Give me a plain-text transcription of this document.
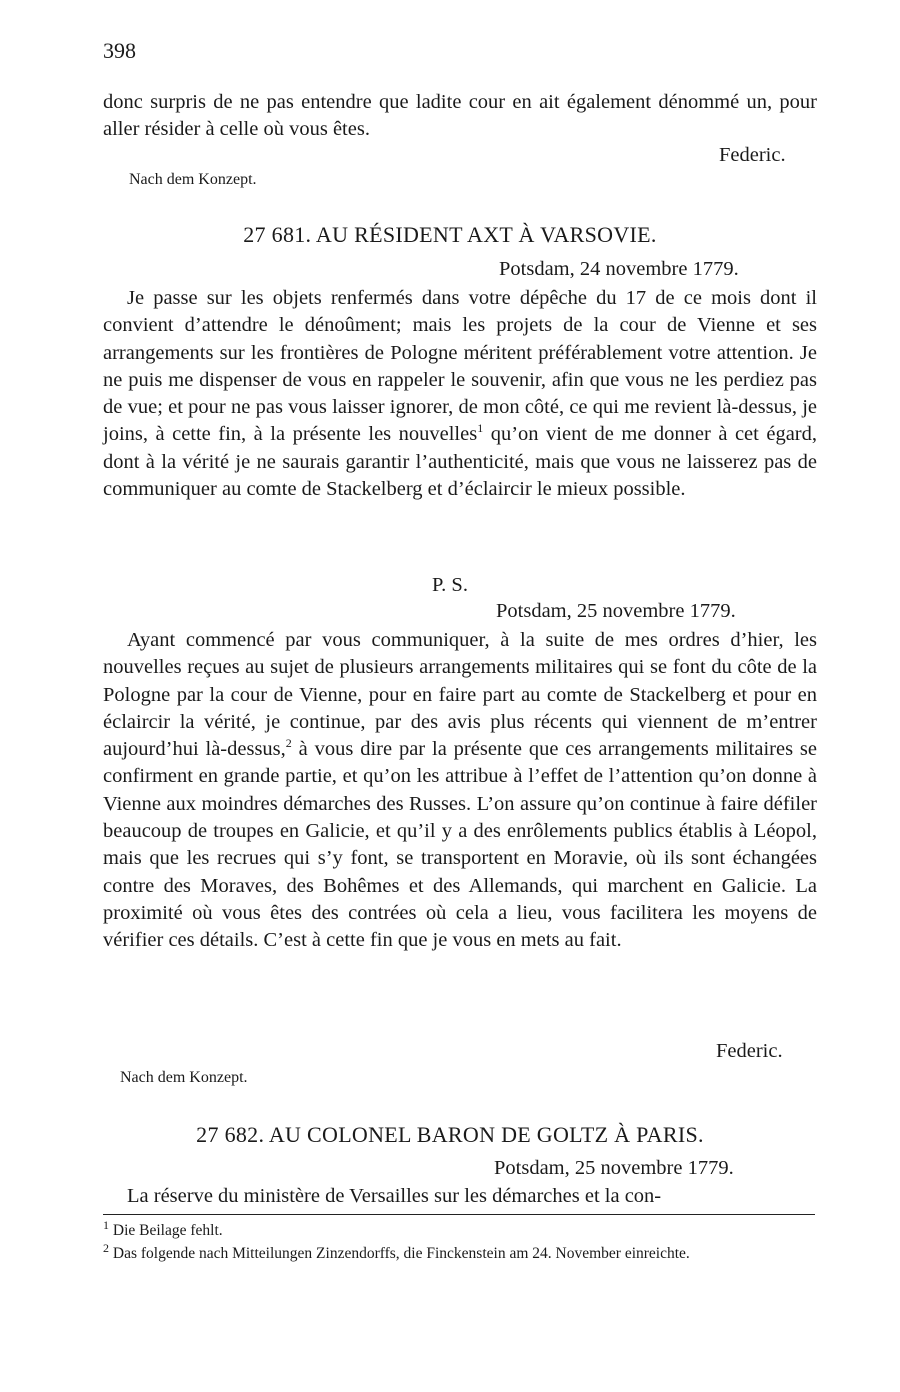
398

donc surpris de ne pas entendre que ladite cour en ait également dénommé un, pour aller résider à celle où vous êtes.

Federic.
Nach dem Konzept.
27 681. AU RÉSIDENT AXT À VARSOVIE.
Potsdam, 24 novembre 1779.

Je passe sur les objets renfermés dans votre dépêche du 17 de ce mois dont il convient d’attendre le dénoûment; mais les projets de la cour de Vienne et ses arrangements sur les frontières de Pologne méritent préférablement votre attention. Je ne puis me dispenser de vous en rappeler le souvenir, afin que vous ne les perdiez pas de vue; et pour ne pas vous laisser ignorer, de mon côté, ce qui me revient là-dessus, je joins, à cette fin, à la présente les nouvelles$^1$ qu’on vient de me donner à cet égard, dont à la vérité je ne saurais garantir l’authenticité, mais que vous ne laisserez pas de communiquer au comte de Stackelberg et d’éclaircir le mieux possible.

P. S.
Potsdam, 25 novembre 1779.

Ayant commencé par vous communiquer, à la suite de mes ordres d’hier, les nouvelles reçues au sujet de plusieurs arrangements militaires qui se font du côte de la Pologne par la cour de Vienne, pour en faire part au comte de Stackelberg et pour en éclaircir la vérité, je continue, par des avis plus récents qui viennent de m’entrer aujourd’hui là-dessus,$^2$ à vous dire par la présente que ces arrangements militaires se confirment en grande partie, et qu’on les attribue à l’effet de l’attention qu’on donne à Vienne aux moindres démarches des Russes. L’on assure qu’on continue à faire défiler beaucoup de troupes en Galicie, et qu’il y a des enrôlements publics établis à Léopol, mais que les recrues qui s’y font, se transportent en Moravie, où ils sont échangées contre des Moraves, des Bohêmes et des Allemands, qui marchent en Galicie. La proximité où vous êtes des contrées où cela a lieu, vous facilitera les moyens de vérifier ces détails. C’est à cette fin que je vous en mets au fait.

Federic.
Nach dem Konzept.
27 682. AU COLONEL BARON DE GOLTZ À PARIS.
Potsdam, 25 novembre 1779.

La réserve du ministère de Versailles sur les démarches et la con-

$^1$ Die Beilage fehlt.

$^2$ Das folgende nach Mitteilungen Zinzendorffs, die Finckenstein am 24. November einreichte.
